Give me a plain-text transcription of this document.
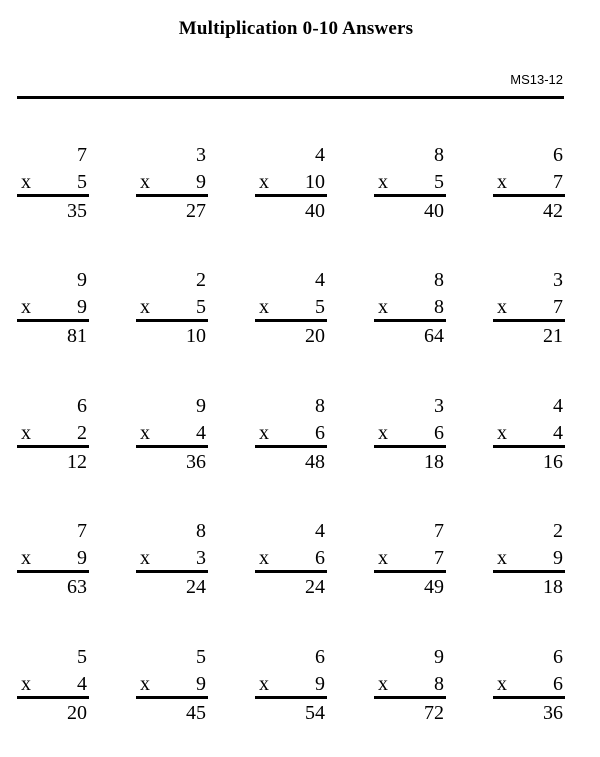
Multiplication 0-10 Answers
MS13-12
7
x 5
35
3
x 9
27
4
x 10
40
8
x 5
40
6
x 7
42
9
x 9
81
2
x 5
10
4
x 5
20
8
x 8
64
3
x 7
21
6
x 2
12
9
x 4
36
8
x 6
48
3
x 6
18
4
x 4
16
7
x 9
63
8
x 3
24
4
x 6
24
7
x 7
49
2
x 9
18
5
x 4
20
5
x 9
45
6
x 9
54
9
x 8
72
6
x 6
36
